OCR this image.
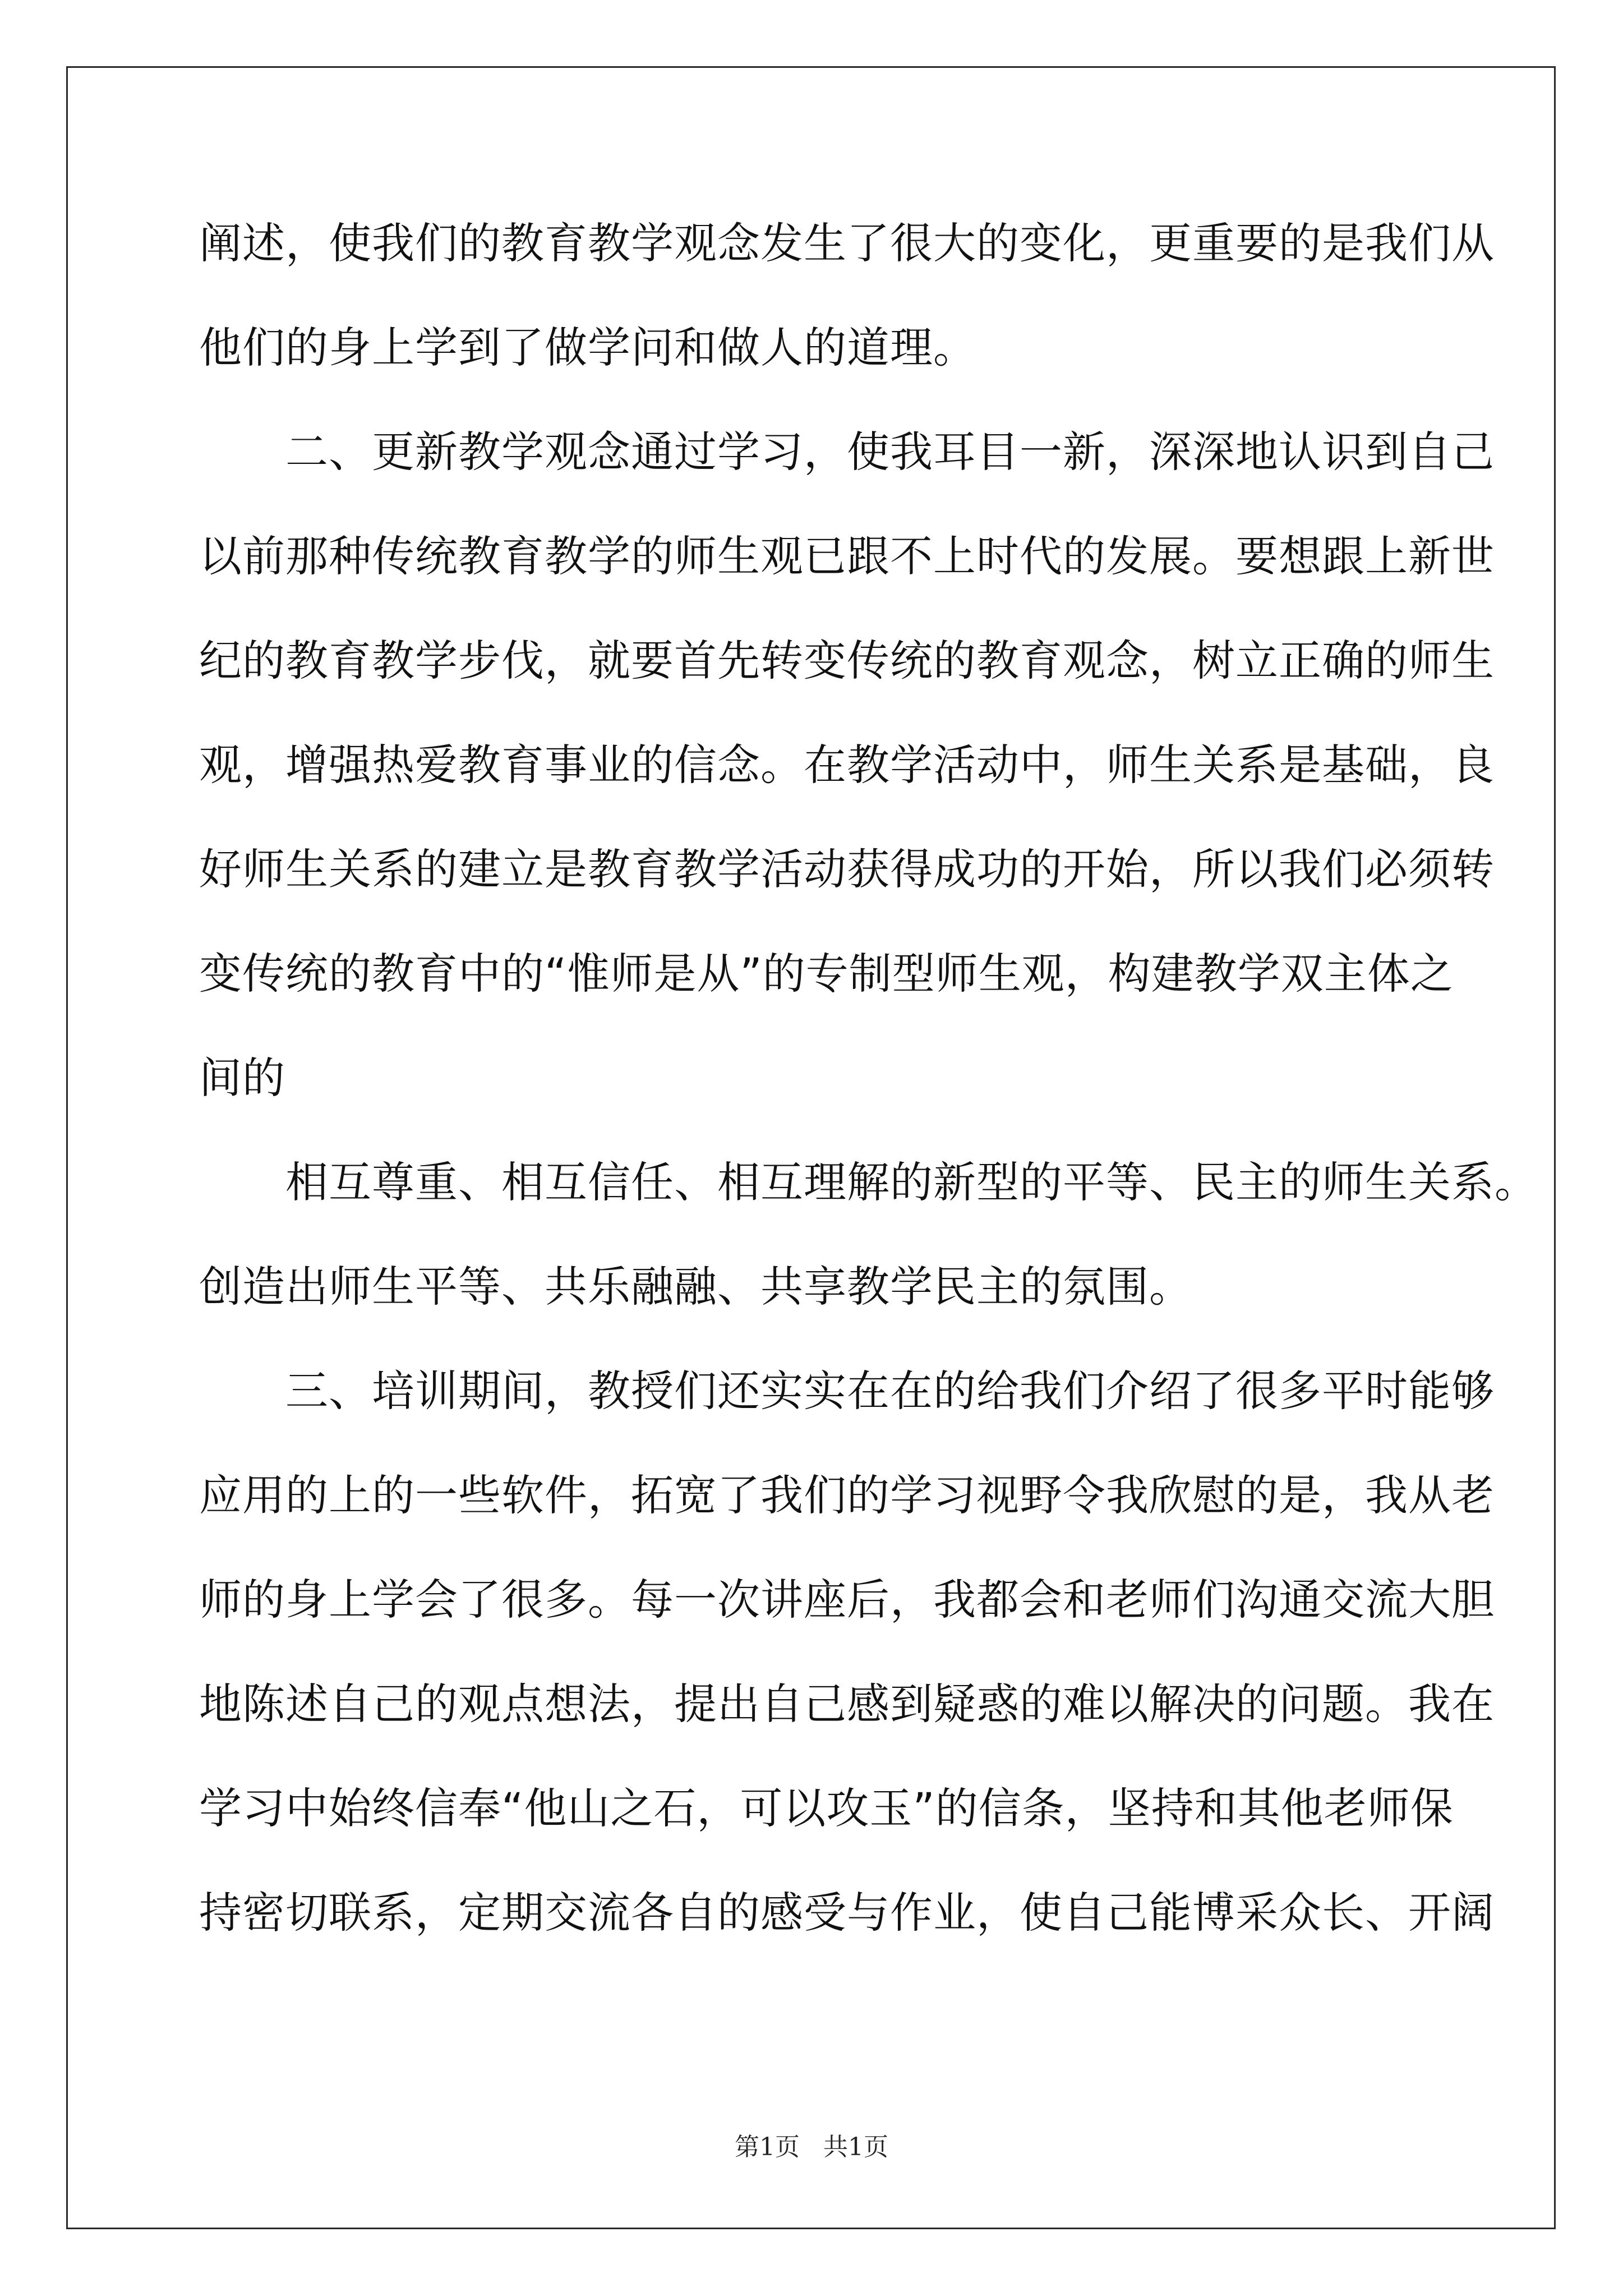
阐述，使我们的教育教学观念发生了很大的变化，更重要的是我们从
他们的身上学到了做学问和做人的道理。
　　二、更新教学观念通过学习，使我耳目一新，深深地认识到自己
以前那种传统教育教学的师生观已跟不上时代的发展。要想跟上新世
纪的教育教学步伐，就要首先转变传统的教育观念，树立正确的师生
观，增强热爱教育事业的信念。在教学活动中，师生关系是基础，良
好师生关系的建立是教育教学活动获得成功的开始，所以我们必须转
变传统的教育中的“惟师是从”的专制型师生观，构建教学双主体之
间的
　　相互尊重、相互信任、相互理解的新型的平等、民主的师生关系。
创造出师生平等、共乐融融、共享教学民主的氛围。
　　三、培训期间，教授们还实实在在的给我们介绍了很多平时能够
应用的上的一些软件，拓宽了我们的学习视野令我欣慰的是，我从老
师的身上学会了很多。每一次讲座后，我都会和老师们沟通交流大胆
地陈述自己的观点想法，提出自己感到疑惑的难以解决的问题。我在
学习中始终信奉“他山之石，可以攻玉”的信条，坚持和其他老师保
持密切联系，定期交流各自的感受与作业，使自己能博采众长、开阔
第1页   共1页
